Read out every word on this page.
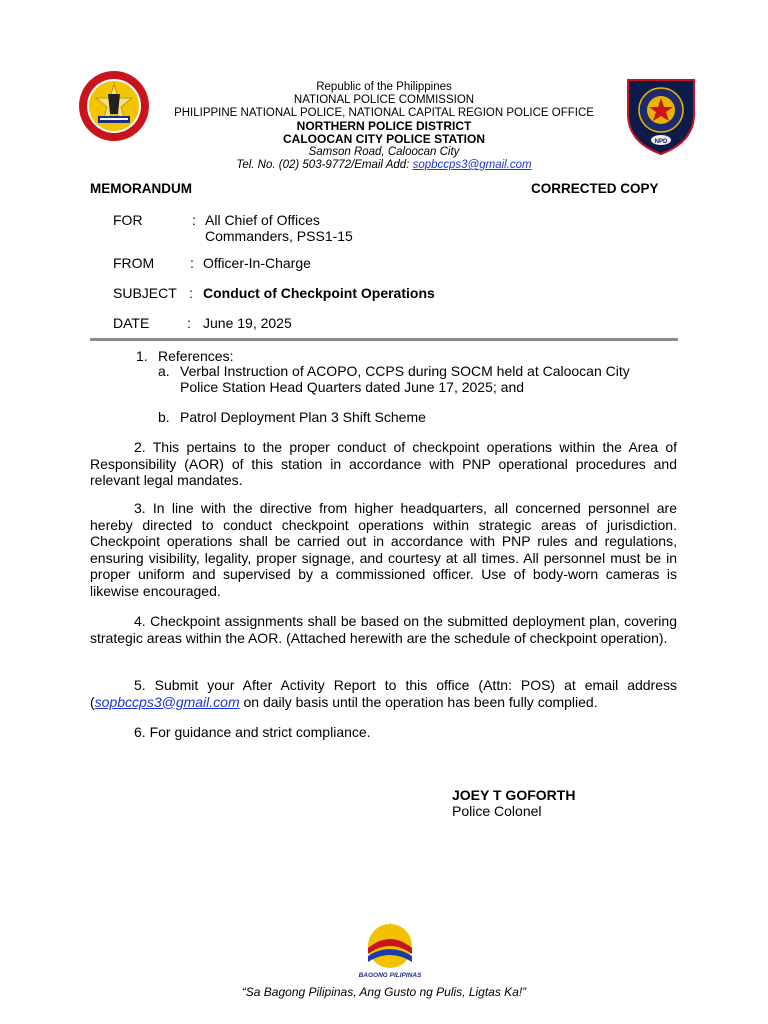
NPD
Republic of the Philippines
NATIONAL POLICE COMMISSION
PHILIPPINE NATIONAL POLICE, NATIONAL CAPITAL REGION POLICE OFFICE
NORTHERN POLICE DISTRICT
CALOOCAN CITY POLICE STATION
Samson Road, Caloocan City
Tel. No. (02) 503-9772/Email Add: sopbccps3@gmail.com
MEMORANDUM	CORRECTED COPY
FOR	: All Chief of Offices
Commanders, PSS1-15
FROM	: Officer-In-Charge
SUBJECT : Conduct of Checkpoint Operations
DATE	: June 19, 2025
1. References:
a. Verbal Instruction of ACOPO, CCPS during SOCM held at Caloocan City
Police Station Head Quarters dated June 17, 2025; and
b. Patrol Deployment Plan 3 Shift Scheme
2. This pertains to the proper conduct of checkpoint operations within the Area of Responsibility (AOR) of this station in accordance with PNP operational procedures and relevant legal mandates.
3. In line with the directive from higher headquarters, all concerned personnel are hereby directed to conduct checkpoint operations within strategic areas of jurisdiction. Checkpoint operations shall be carried out in accordance with PNP rules and regulations, ensuring visibility, legality, proper signage, and courtesy at all times. All personnel must be in proper uniform and supervised by a commissioned officer. Use of body-worn cameras is likewise encouraged.
4. Checkpoint assignments shall be based on the submitted deployment plan, covering strategic areas within the AOR. (Attached herewith are the schedule of checkpoint operation).
5. Submit your After Activity Report to this office (Attn: POS) at email address (sopbccps3@gmail.com on daily basis until the operation has been fully complied.
6. For guidance and strict compliance.
JOEY T GOFORTH
Police Colonel
BAGONG PILIPINAS
“Sa Bagong Pilipinas, Ang Gusto ng Pulis, Ligtas Ka!”
